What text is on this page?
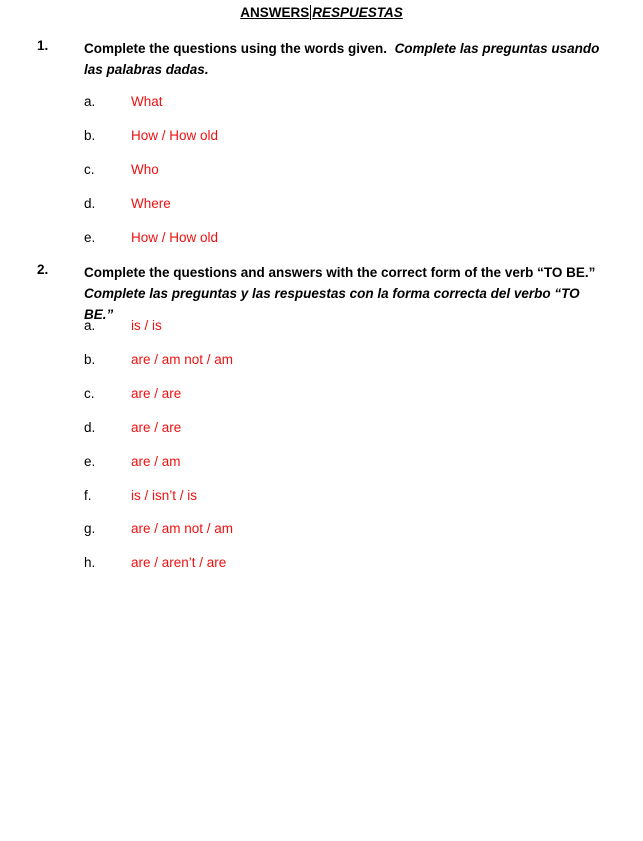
ANSWERS RESPUESTAS
1.	Complete the questions using the words given. Complete las preguntas usando las palabras dadas.
a.	What
b.	How / How old
c.	Who
d.	Where
e.	How / How old
2.	Complete the questions and answers with the correct form of the verb “TO BE.”
Complete las preguntas y las respuestas con la forma correcta del verbo “TO BE.”
a.	is / is
b.	are / am not / am
c.	are / are
d.	are / are
e.	are / am
f.	is / isn’t / is
g.	are / am not / am
h.	are / aren’t / are
